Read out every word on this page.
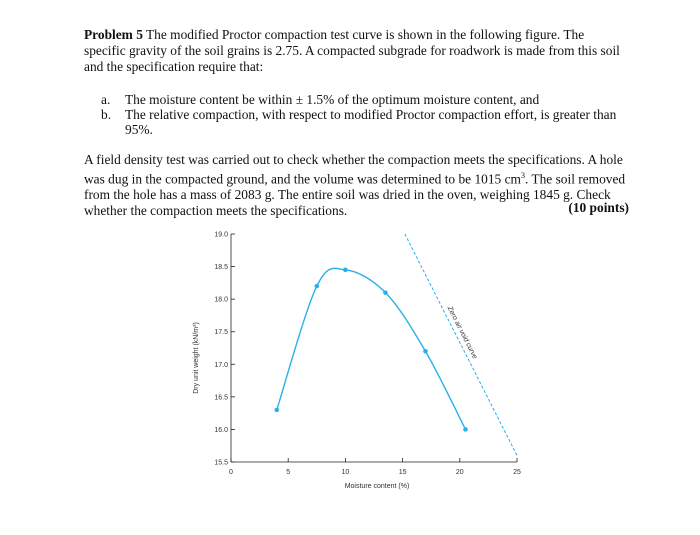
Problem 5 The modified Proctor compaction test curve is shown in the following figure. The specific gravity of the soil grains is 2.75. A compacted subgrade for roadwork is made from this soil and the specification require that:

a. The moisture content be within ± 1.5% of the optimum moisture content, and
b. The relative compaction, with respect to modified Proctor compaction effort, is greater than 95%.

A field density test was carried out to check whether the compaction meets the specifications. A hole was dug in the compacted ground, and the volume was determined to be 1015 $cm^3$. The soil removed from the hole has a mass of 2083 g. The entire soil was dried in the oven, weighing 1845 g. Check whether the compaction meets the specifications.	(10 points)

15.5
16.0
16.5
17.0
17.5
18.0
18.5
19.0
0	5	10	15	20	25
Moisture content (%)
Dry unit weight (kN/m³)	Zero air void curve
